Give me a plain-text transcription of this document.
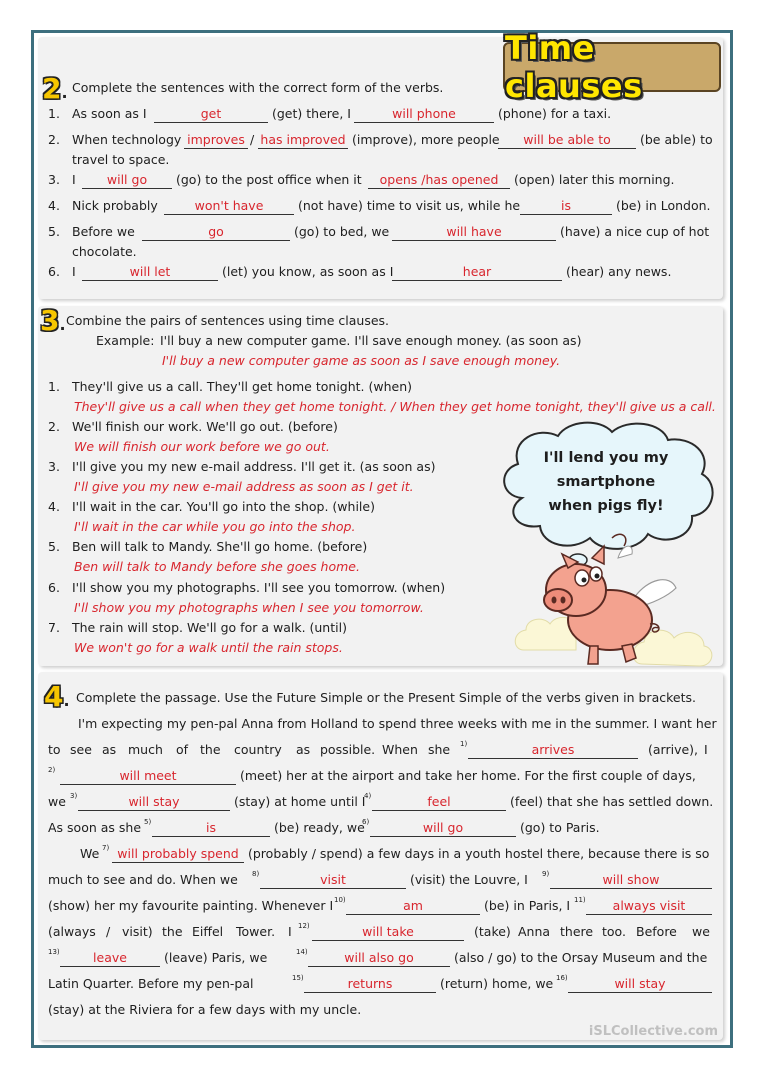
Time clauses
2. Complete the sentences with the correct form of the verbs.
1. As soon as I	get	(get) there, I	will phone	(phone) for a taxi.
2. When technology improves / has improved (improve), more people	will be able to	(be able) to
travel to space.
3. I	will go	(go) to the post office when it	opens /has opened	(open) later this morning.
4. Nick probably	won't have	(not have) time to visit us, while he	is	(be) in London.
5. Before we	go	(go) to bed, we	will have	(have) a nice cup of hot
chocolate.
6. I	will let	(let) you know, as soon as I	hear	(hear) any news.
3. Combine the pairs of sentences using time clauses.
Example: I'll buy a new computer game. I'll save enough money. (as soon as)
I'll buy a new computer game as soon as I save enough money.
1. They'll give us a call. They'll get home tonight. (when)
They'll give us a call when they get home tonight. / When they get home tonight, they'll give us a call.
2. We'll finish our work. We'll go out. (before)
We will finish our work before we go out.
3. I'll give you my new e-mail address. I'll get it. (as soon as)
I'll give you my new e-mail address as soon as I get it.
4. I'll wait in the car. You'll go into the shop. (while)
I'll wait in the car while you go into the shop.
5. Ben will talk to Mandy. She'll go home. (before)
Ben will talk to Mandy before she goes home.
6. I'll show you my photographs. I'll see you tomorrow. (when)
I'll show you my photographs when I see you tomorrow.
7. The rain will stop. We'll go for a walk. (until)
We won't go for a walk until the rain stops.
I'll lend you my
smartphone
when pigs fly!
4. Complete the passage. Use the Future Simple or the Present Simple of the verbs given in brackets.
I'm expecting my pen-pal Anna from Holland to spend three weeks with me in the summer. I want her
to see as much of the country as possible. When she 1)	arrives	(arrive), I
2)	will meet	(meet) her at the airport and take her home. For the first couple of days,
we 3)	will stay	(stay) at home until I
4)	feel	(feel) that she has settled down.
As soon as she 5)	is	(be) ready, we
6)	will go	(go) to Paris.
We 7) will probably spend (probably / spend) a few days in a youth hostel there, because there is so
much to see and do. When we 8)	visit	(visit) the Louvre, I 9)	will show
(show) her my favourite painting. Whenever I 10)	am	(be) in Paris, I 11)	always visit
(always / visit) the Eiffel Tower. I 12)	will take	(take) Anna there too. Before we
13)	leave	(leave) Paris, we	14)	will also go	(also / go) to the Orsay Museum and the
Latin Quarter. Before my pen-pal	15)	returns	(return) home, we 16)	will stay
(stay) at the Riviera for a few days with my uncle.
iSLCollective.com
